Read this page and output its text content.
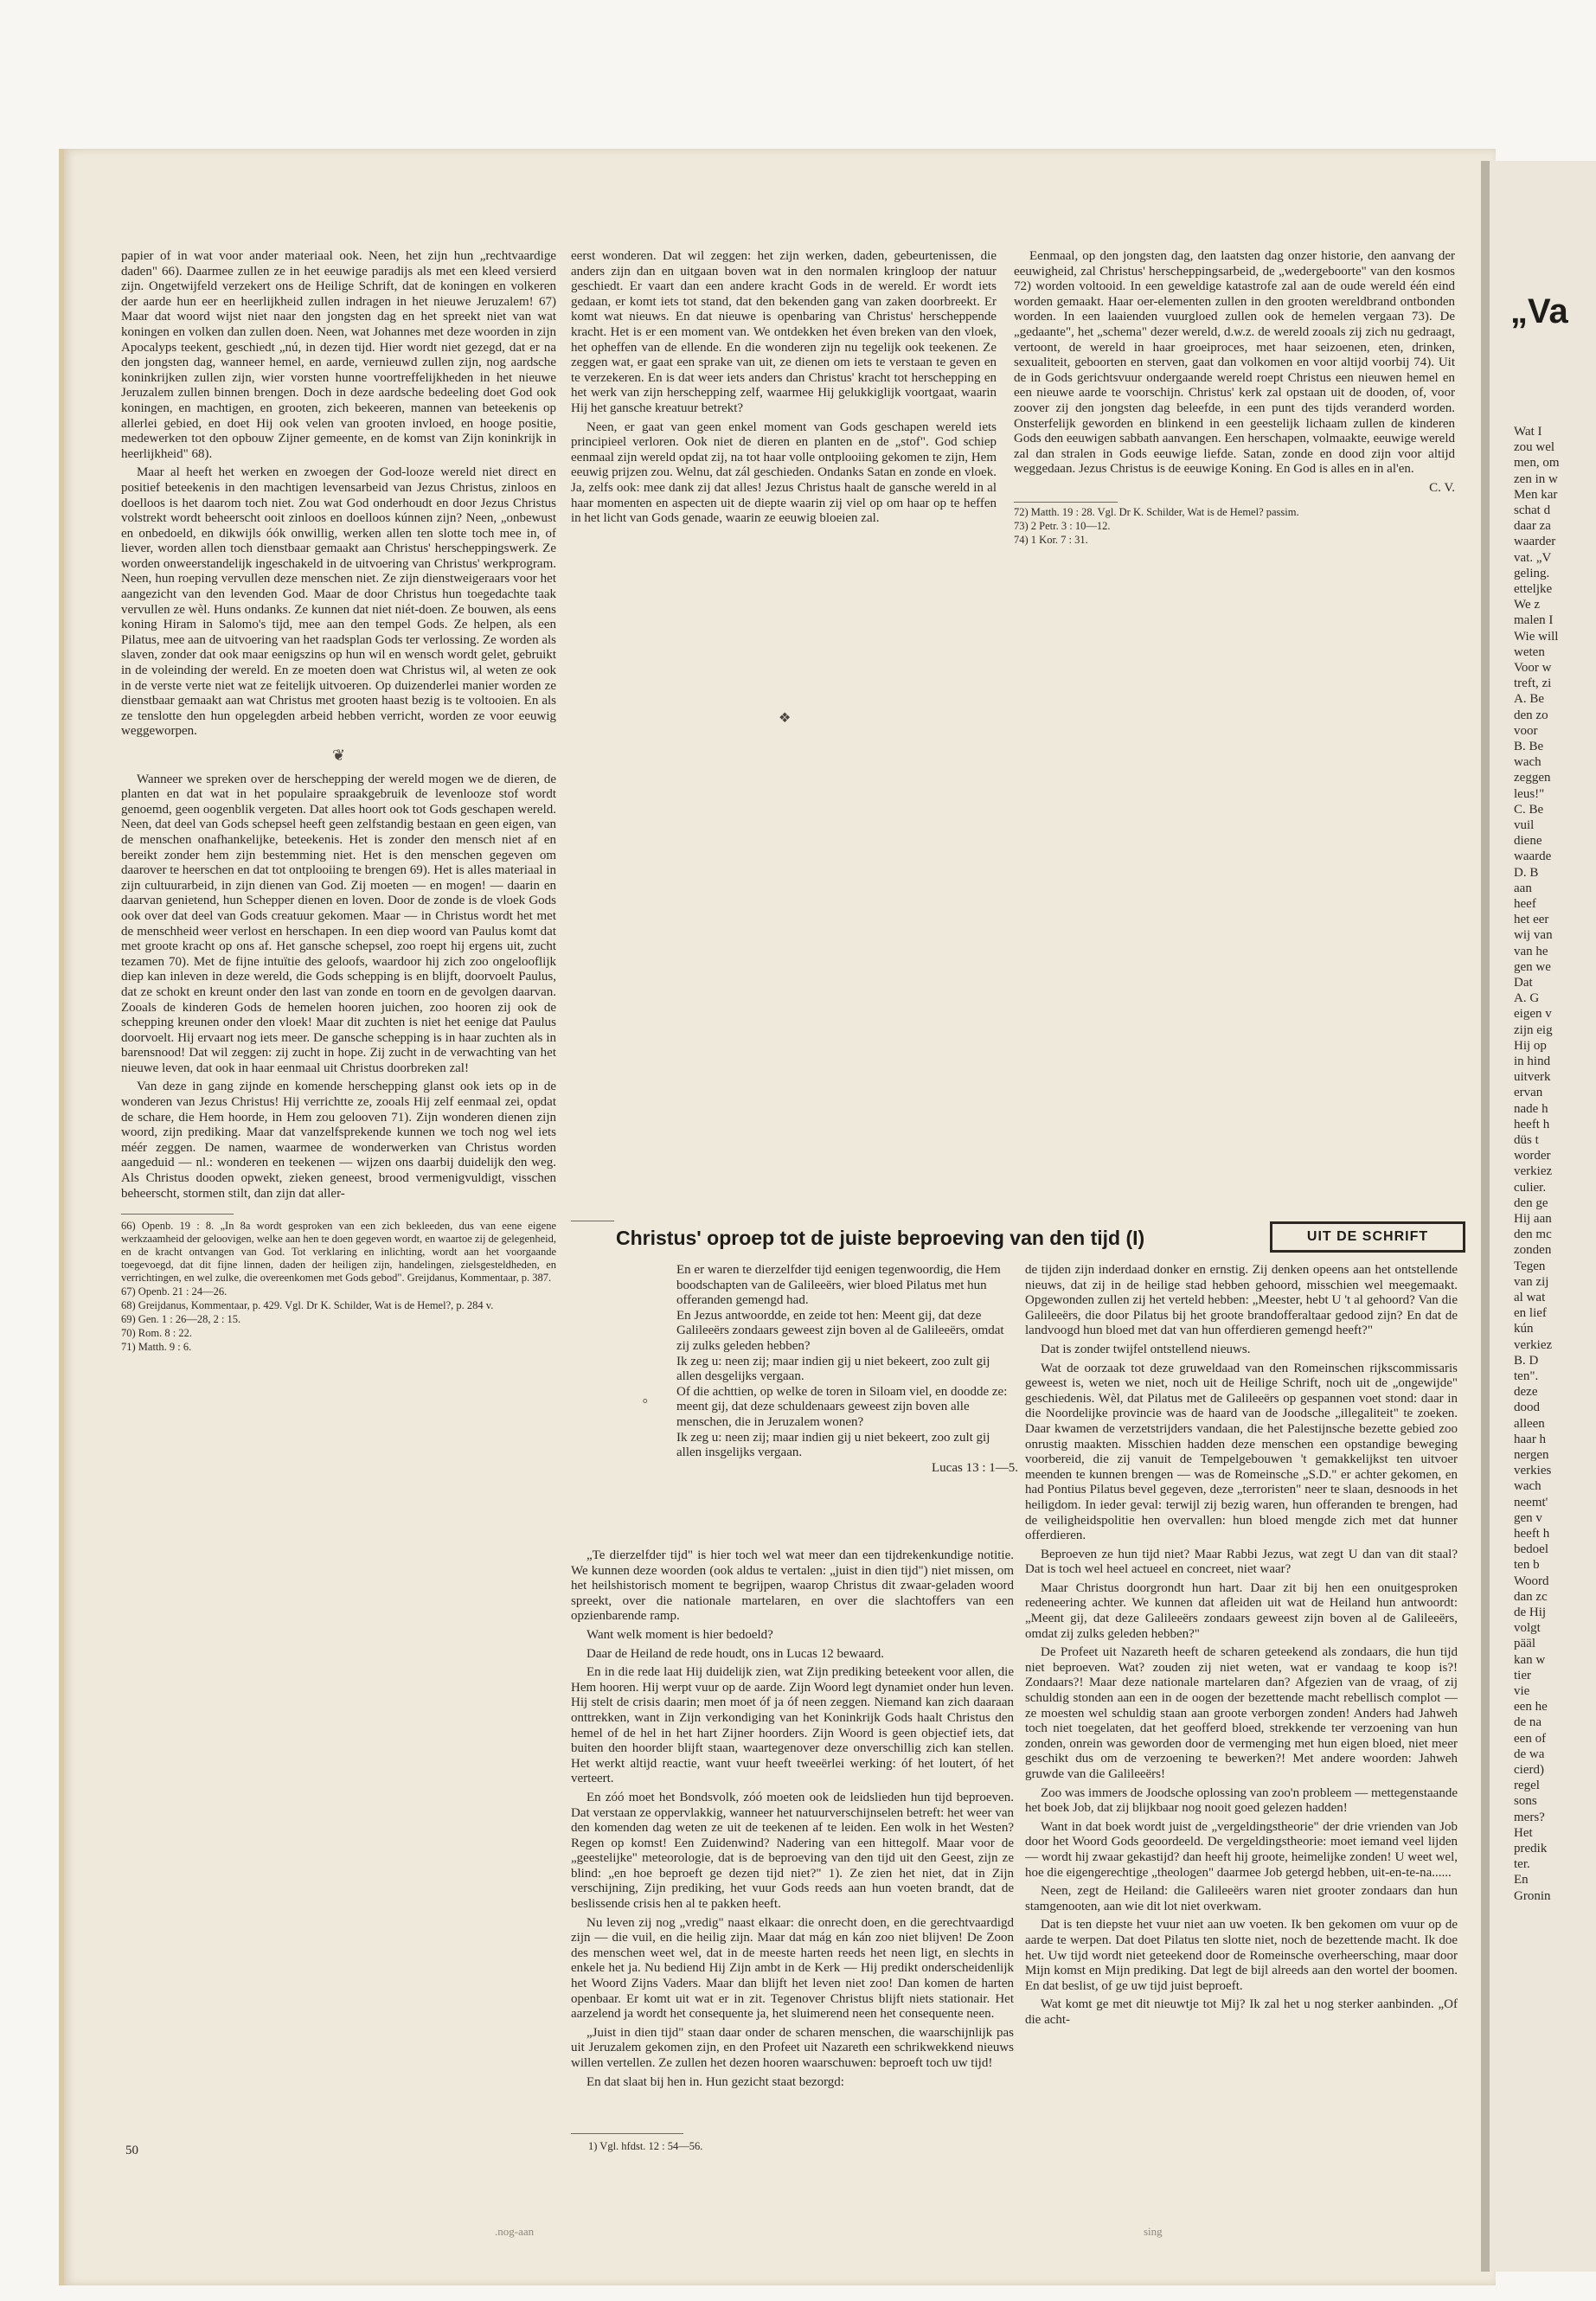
papier of in wat voor ander materiaal ook. Neen, het zijn hun „rechtvaardige daden" 66). Daarmee zullen ze in het eeuwige paradijs als met een kleed versierd zijn. Ongetwijfeld verzekert ons de Heilige Schrift, dat de koningen en volkeren der aarde hun eer en heerlijkheid zullen indragen in het nieuwe Jeruzalem! 67) Maar dat woord wijst niet naar den jongsten dag en het spreekt niet van wat koningen en volken dan zullen doen. Neen, wat Johannes met deze woorden in zijn Apocalyps teekent, geschiedt „nú, in dezen tijd. Hier wordt niet gezegd, dat er na den jongsten dag, wanneer hemel, en aarde, vernieuwd zullen zijn, nog aardsche koninkrijken zullen zijn, wier vorsten hunne voortreffelijkheden in het nieuwe Jeruzalem zullen binnen brengen. Doch in deze aardsche bedeeling doet God ook koningen, en machtigen, en grooten, zich bekeeren, mannen van beteekenis op allerlei gebied, en doet Hij ook velen van grooten invloed, en hooge positie, medewerken tot den opbouw Zijner gemeente, en de komst van Zijn koninkrijk in heerlijkheid" 68).

Maar al heeft het werken en zwoegen der God-looze wereld niet direct en positief beteekenis in den machtigen levensarbeid van Jezus Christus, zinloos en doelloos is het daarom toch niet. Zou wat God onderhoudt en door Jezus Christus volstrekt wordt beheerscht ooit zinloos en doelloos kúnnen zijn? Neen, „onbewust en onbedoeld, en dikwijls óók onwillig, werken allen ten slotte toch mee in, of liever, worden allen toch dienstbaar gemaakt aan Christus' herscheppingswerk. Ze worden onweerstandelijk ingeschakeld in de uitvoering van Christus' werkprogram. Neen, hun roeping vervullen deze menschen niet. Ze zijn dienstweigeraars voor het aangezicht van den levenden God. Maar de door Christus hun toegedachte taak vervullen ze wèl. Huns ondanks. Ze kunnen dat niet niét-doen. Ze bouwen, als eens koning Hiram in Salomo's tijd, mee aan den tempel Gods. Ze helpen, als een Pilatus, mee aan de uitvoering van het raadsplan Gods ter verlossing. Ze worden als slaven, zonder dat ook maar eenigszins op hun wil en wensch wordt gelet, gebruikt in de voleinding der wereld. En ze moeten doen wat Christus wil, al weten ze ook in de verste verte niet wat ze feitelijk uitvoeren. Op duizenderlei manier worden ze dienstbaar gemaakt aan wat Christus met grooten haast bezig is te voltooien. En als ze tenslotte den hun opgelegden arbeid hebben verricht, worden ze voor eeuwig weggeworpen.

❦

Wanneer we spreken over de herschepping der wereld mogen we de dieren, de planten en dat wat in het populaire spraakgebruik de levenlooze stof wordt genoemd, geen oogenblik vergeten. Dat alles hoort ook tot Gods geschapen wereld. Neen, dat deel van Gods schepsel heeft geen zelfstandig bestaan en geen eigen, van de menschen onafhankelijke, beteekenis. Het is zonder den mensch niet af en bereikt zonder hem zijn bestemming niet. Het is den menschen gegeven om daarover te heerschen en dat tot ontplooiing te brengen 69). Het is alles materiaal in zijn cultuurarbeid, in zijn dienen van God. Zij moeten — en mogen! — daarin en daarvan genietend, hun Schepper dienen en loven. Door de zonde is de vloek Gods ook over dat deel van Gods creatuur gekomen. Maar — in Christus wordt het met de menschheid weer verlost en herschapen. In een diep woord van Paulus komt dat met groote kracht op ons af. Het gansche schepsel, zoo roept hij ergens uit, zucht tezamen 70). Met de fijne intuïtie des geloofs, waardoor hij zich zoo ongelooflijk diep kan inleven in deze wereld, die Gods schepping is en blijft, doorvoelt Paulus, dat ze schokt en kreunt onder den last van zonde en toorn en de gevolgen daarvan. Zooals de kinderen Gods de hemelen hooren juichen, zoo hooren zij ook de schepping kreunen onder den vloek! Maar dit zuchten is niet het eenige dat Paulus doorvoelt. Hij ervaart nog iets meer. De gansche schepping is in haar zuchten als in barensnood! Dat wil zeggen: zij zucht in hope. Zij zucht in de verwachting van het nieuwe leven, dat ook in haar eenmaal uit Christus doorbreken zal!

Van deze in gang zijnde en komende herschepping glanst ook iets op in de wonderen van Jezus Christus! Hij verrichtte ze, zooals Hij zelf eenmaal zei, opdat de schare, die Hem hoorde, in Hem zou gelooven 71). Zijn wonderen dienen zijn woord, zijn prediking. Maar dat vanzelfsprekende kunnen we toch nog wel iets méér zeggen. De namen, waarmee de wonderwerken van Christus worden aangeduid — nl.: wonderen en teekenen — wijzen ons daarbij duidelijk den weg. Als Christus dooden opwekt, zieken geneest, brood vermenigvuldigt, visschen beheerscht, stormen stilt, dan zijn dat aller-

66) Openb. 19 : 8. „In 8a wordt gesproken van een zich bekleeden, dus van eene eigene werkzaamheid der geloovigen, welke aan hen te doen gegeven wordt, en waartoe zij de gelegenheid, en de kracht ontvangen van God. Tot verklaring en inlichting, wordt aan het voorgaande toegevoegd, dat dit fijne linnen, daden der heiligen zijn, handelingen, zielsgesteldheden, en verrichtingen, en wel zulke, die overeenkomen met Gods gebod". Greijdanus, Kommentaar, p. 387.

67) Openb. 21 : 24—26.

68) Greijdanus, Kommentaar, p. 429. Vgl. Dr K. Schilder, Wat is de Hemel?, p. 284 v.

69) Gen. 1 : 26—28, 2 : 15.

70) Rom. 8 : 22.

71) Matth. 9 : 6.

50

eerst wonderen. Dat wil zeggen: het zijn werken, daden, gebeurtenissen, die anders zijn dan en uitgaan boven wat in den normalen kringloop der natuur geschiedt. Er vaart dan een andere kracht Gods in de wereld. Er wordt iets gedaan, er komt iets tot stand, dat den bekenden gang van zaken doorbreekt. Er komt wat nieuws. En dat nieuwe is openbaring van Christus' herscheppende kracht. Het is er een moment van. We ontdekken het éven breken van den vloek, het opheffen van de ellende. En die wonderen zijn nu tegelijk ook teekenen. Ze zeggen wat, er gaat een sprake van uit, ze dienen om iets te verstaan te geven en te verzekeren. En is dat weer iets anders dan Christus' kracht tot herschepping en het werk van zijn herschepping zelf, waarmee Hij gelukkiglijk voortgaat, waarin Hij het gansche kreatuur betrekt?

Neen, er gaat van geen enkel moment van Gods geschapen wereld iets principieel verloren. Ook niet de dieren en planten en de „stof". God schiep eenmaal zijn wereld opdat zij, na tot haar volle ontplooiing gekomen te zijn, Hem eeuwig prijzen zou. Welnu, dat zál geschieden. Ondanks Satan en zonde en vloek. Ja, zelfs ook: mee dank zij dat alles! Jezus Christus haalt de gansche wereld in al haar momenten en aspecten uit de diepte waarin zij viel op om haar op te heffen in het licht van Gods genade, waarin ze eeuwig bloeien zal.

❖

Eenmaal, op den jongsten dag, den laatsten dag onzer historie, den aanvang der eeuwigheid, zal Christus' herscheppingsarbeid, de „wedergeboorte" van den kosmos 72) worden voltooid. In een geweldige katastrofe zal aan de oude wereld één eind worden gemaakt. Haar oer-elementen zullen in den grooten wereldbrand ontbonden worden. In een laaienden vuurgloed zullen ook de hemelen vergaan 73). De „gedaante", het „schema" dezer wereld, d.w.z. de wereld zooals zij zich nu gedraagt, vertoont, de wereld in haar groeiproces, met haar seizoenen, eten, drinken, sexualiteit, geboorten en sterven, gaat dan volkomen en voor altijd voorbij 74). Uit de in Gods gerichtsvuur ondergaande wereld roept Christus een nieuwen hemel en een nieuwe aarde te voorschijn. Christus' kerk zal opstaan uit de dooden, of, voor zoover zij den jongsten dag beleefde, in een punt des tijds veranderd worden. Onsterfelijk geworden en blinkend in een geestelijk lichaam zullen de kinderen Gods den eeuwigen sabbath aanvangen. Een herschapen, volmaakte, eeuwige wereld zal dan stralen in Gods eeuwige liefde. Satan, zonde en dood zijn voor altijd weggedaan. Jezus Christus is de eeuwige Koning. En God is alles en in al'en.

C. V.

72) Matth. 19 : 28. Vgl. Dr K. Schilder, Wat is de Hemel? passim.

73) 2 Petr. 3 : 10—12.

74) 1 Kor. 7 : 31.

Christus' oproep tot de juiste beproeving van den tijd (I)	UIT DE SCHRIFT

En er waren te dierzelfder tijd eenigen tegenwoordig, die Hem boodschapten van de Galileeërs, wier bloed Pilatus met hun offeranden gemengd had.

En Jezus antwoordde, en zeide tot hen: Meent gij, dat deze Galileeërs zondaars geweest zijn boven al de Galileeërs, omdat zij zulks geleden hebben?

Ik zeg u: neen zij; maar indien gij u niet bekeert, zoo zult gij allen desgelijks vergaan.

Of die achttien, op welke de toren in Siloam viel, en doodde ze: meent gij, dat deze schuldenaars geweest zijn boven alle menschen, die in Jeruzalem wonen?

Ik zeg u: neen zij; maar indien gij u niet bekeert, zoo zult gij allen insgelijks vergaan.

Lucas 13 : 1—5.

⸰

„Te dierzelfder tijd" is hier toch wel wat meer dan een tijdrekenkundige notitie. We kunnen deze woorden (ook aldus te vertalen: „juist in dien tijd") niet missen, om het heilshistorisch moment te begrijpen, waarop Christus dit zwaar-geladen woord spreekt, over die nationale martelaren, en over die slachtoffers van een opzienbarende ramp.

Want welk moment is hier bedoeld?

Daar de Heiland de rede houdt, ons in Lucas 12 bewaard.

En in die rede laat Hij duidelijk zien, wat Zijn prediking beteekent voor allen, die Hem hooren. Hij werpt vuur op de aarde. Zijn Woord legt dynamiet onder hun leven. Hij stelt de crisis daarin; men moet óf ja óf neen zeggen. Niemand kan zich daaraan onttrekken, want in Zijn verkondiging van het Koninkrijk Gods haalt Christus den hemel of de hel in het hart Zijner hoorders. Zijn Woord is geen objectief iets, dat buiten den hoorder blijft staan, waartegenover deze onverschillig zich kan stellen. Het werkt altijd reactie, want vuur heeft tweeërlei werking: óf het loutert, óf het verteert.

En zóó moet het Bondsvolk, zóó moeten ook de leidslieden hun tijd beproeven. Dat verstaan ze oppervlakkig, wanneer het natuurverschijnselen betreft: het weer van den komenden dag weten ze uit de teekenen af te leiden. Een wolk in het Westen? Regen op komst! Een Zuidenwind? Nadering van een hittegolf. Maar voor de „geestelijke" meteorologie, dat is de beproeving van den tijd uit den Geest, zijn ze blind: „en hoe beproeft ge dezen tijd niet?" 1). Ze zien het niet, dat in Zijn verschijning, Zijn prediking, het vuur Gods reeds aan hun voeten brandt, dat de beslissende crisis hen al te pakken heeft.

Nu leven zij nog „vredig" naast elkaar: die onrecht doen, en die gerechtvaardigd zijn — die vuil, en die heilig zijn. Maar dat mág en kán zoo niet blijven! De Zoon des menschen weet wel, dat in de meeste harten reeds het neen ligt, en slechts in enkele het ja. Nu bediend Hij Zijn ambt in de Kerk — Hij predikt onderscheidenlijk het Woord Zijns Vaders. Maar dan blijft het leven niet zoo! Dan komen de harten openbaar. Er komt uit wat er in zit. Tegenover Christus blijft niets stationair. Het aarzelend ja wordt het consequente ja, het sluimerend neen het consequente neen.

„Juist in dien tijd" staan daar onder de scharen menschen, die waarschijnlijk pas uit Jeruzalem gekomen zijn, en den Profeet uit Nazareth een schrikwekkend nieuws willen vertellen. Ze zullen het dezen hooren waarschuwen: beproeft toch uw tijd!

En dat slaat bij hen in. Hun gezicht staat bezorgd:

1) Vgl. hfdst. 12 : 54—56.

de tijden zijn inderdaad donker en ernstig. Zij denken opeens aan het ontstellende nieuws, dat zij in de heilige stad hebben gehoord, misschien wel meegemaakt. Opgewonden zullen zij het verteld hebben: „Meester, hebt U 't al gehoord? Van die Galileeërs, die door Pilatus bij het groote brandofferaltaar gedood zijn? En dat de landvoogd hun bloed met dat van hun offerdieren gemengd heeft?"

Dat is zonder twijfel ontstellend nieuws.

Wat de oorzaak tot deze gruweldaad van den Romeinschen rijkscommissaris geweest is, weten we niet, noch uit de Heilige Schrift, noch uit de „ongewijde" geschiedenis. Wèl, dat Pilatus met de Galileeërs op gespannen voet stond: daar in die Noordelijke provincie was de haard van de Joodsche „illegaliteit" te zoeken. Daar kwamen de verzetstrijders vandaan, die het Palestijnsche bezette gebied zoo onrustig maakten. Misschien hadden deze menschen een opstandige beweging voorbereid, die zij vanuit de Tempelgebouwen 't gemakkelijkst ten uitvoer meenden te kunnen brengen — was de Romeinsche „S.D." er achter gekomen, en had Pontius Pilatus bevel gegeven, deze „terroristen" neer te slaan, desnoods in het heiligdom. In ieder geval: terwijl zij bezig waren, hun offeranden te brengen, had de veiligheidspolitie hen overvallen: hun bloed mengde zich met dat hunner offerdieren.

Beproeven ze hun tijd niet? Maar Rabbi Jezus, wat zegt U dan van dit staal? Dat is toch wel heel actueel en concreet, niet waar?

Maar Christus doorgrondt hun hart. Daar zit bij hen een onuitgesproken redeneering achter. We kunnen dat afleiden uit wat de Heiland hun antwoordt: „Meent gij, dat deze Galileeërs zondaars geweest zijn boven al de Galileeërs, omdat zij zulks geleden hebben?"

De Profeet uit Nazareth heeft de scharen geteekend als zondaars, die hun tijd niet beproeven. Wat? zouden zij niet weten, wat er vandaag te koop is?! Zondaars?! Maar deze nationale martelaren dan? Afgezien van de vraag, of zij schuldig stonden aan een in de oogen der bezettende macht rebellisch complot — ze moesten wel schuldig staan aan groote verborgen zonden! Anders had Jahweh toch niet toegelaten, dat het geofferd bloed, strekkende ter verzoening van hun zonden, onrein was geworden door de vermenging met hun eigen bloed, niet meer geschikt dus om de verzoening te bewerken?! Met andere woorden: Jahweh gruwde van die Galileeërs!

Zoo was immers de Joodsche oplossing van zoo'n probleem — mettegenstaande het boek Job, dat zij blijkbaar nog nooit goed gelezen hadden!

Want in dat boek wordt juist de „vergeldingstheorie" der drie vrienden van Job door het Woord Gods geoordeeld. De vergeldingstheorie: moet iemand veel lijden — wordt hij zwaar gekastijd? dan heeft hij groote, heimelijke zonden! U weet wel, hoe die eigengerechtige „theologen" daarmee Job getergd hebben, uit-en-te-na......

Neen, zegt de Heiland: die Galileeërs waren niet grooter zondaars dan hun stamgenooten, aan wie dit lot niet overkwam.

Dat is ten diepste het vuur niet aan uw voeten. Ik ben gekomen om vuur op de aarde te werpen. Dat doet Pilatus ten slotte niet, noch de bezettende macht. Ik doe het. Uw tijd wordt niet geteekend door de Romeinsche overheersching, maar door Mijn komst en Mijn prediking. Dat legt de bijl alreeds aan den wortel der boomen. En dat beslist, of ge uw tijd juist beproeft.

Wat komt ge met dit nieuwtje tot Mij? Ik zal het u nog sterker aanbinden. „Of die acht-

.nog-aan	sing
„Va
Wat I
zou wel
men, om
zen in w
Men kar
schat d
daar za
waarder
vat. „V
geling.
etteljke
We z
malen I
Wie will
weten
Voor w
treft, zi
A. Be
den zo
voor
B. Be
wach
zeggen
leus!"
C. Be
vuil
diene
waarde
D. B
aan
heef
het eer
wij van
van he
gen we
Dat
A. G
eigen v
zijn eig
Hij op
in hind
uitverk
ervan
nade h
heeft h
düs t
worder
verkiez
culier.
den ge
Hij aan
den mc
zonden
Tegen
van zij
al wat
en lief
kún
verkiez
B. D
ten".
deze
dood
alleen
haar h
nergen
verkies
wach
neemt'
gen v
heeft h
bedoel
ten b
Woord
dan zc
de Hij
volgt
pääl
kan w
tier
vie
een he
de na
een of
de wa
cierd)
regel
sons
mers?
Het
predik
ter.
En
Gronin
